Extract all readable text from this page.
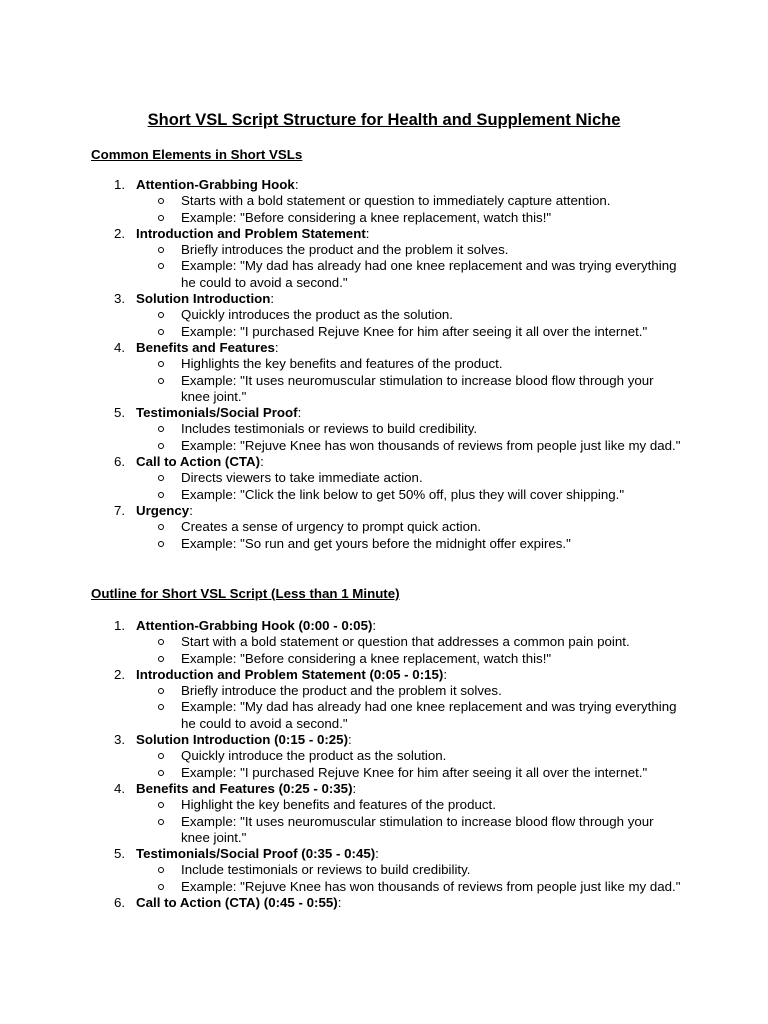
Short VSL Script Structure for Health and Supplement Niche
Common Elements in Short VSLs
1. Attention-Grabbing Hook:
Starts with a bold statement or question to immediately capture attention.
Example: "Before considering a knee replacement, watch this!"
2. Introduction and Problem Statement:
Briefly introduces the product and the problem it solves.
Example: "My dad has already had one knee replacement and was trying everything he could to avoid a second."
3. Solution Introduction:
Quickly introduces the product as the solution.
Example: "I purchased Rejuve Knee for him after seeing it all over the internet."
4. Benefits and Features:
Highlights the key benefits and features of the product.
Example: "It uses neuromuscular stimulation to increase blood flow through your knee joint."
5. Testimonials/Social Proof:
Includes testimonials or reviews to build credibility.
Example: "Rejuve Knee has won thousands of reviews from people just like my dad."
6. Call to Action (CTA):
Directs viewers to take immediate action.
Example: "Click the link below to get 50% off, plus they will cover shipping."
7. Urgency:
Creates a sense of urgency to prompt quick action.
Example: "So run and get yours before the midnight offer expires."
Outline for Short VSL Script (Less than 1 Minute)
1. Attention-Grabbing Hook (0:00 - 0:05):
Start with a bold statement or question that addresses a common pain point.
Example: "Before considering a knee replacement, watch this!"
2. Introduction and Problem Statement (0:05 - 0:15):
Briefly introduce the product and the problem it solves.
Example: "My dad has already had one knee replacement and was trying everything he could to avoid a second."
3. Solution Introduction (0:15 - 0:25):
Quickly introduce the product as the solution.
Example: "I purchased Rejuve Knee for him after seeing it all over the internet."
4. Benefits and Features (0:25 - 0:35):
Highlight the key benefits and features of the product.
Example: "It uses neuromuscular stimulation to increase blood flow through your knee joint."
5. Testimonials/Social Proof (0:35 - 0:45):
Include testimonials or reviews to build credibility.
Example: "Rejuve Knee has won thousands of reviews from people just like my dad."
6. Call to Action (CTA) (0:45 - 0:55):
